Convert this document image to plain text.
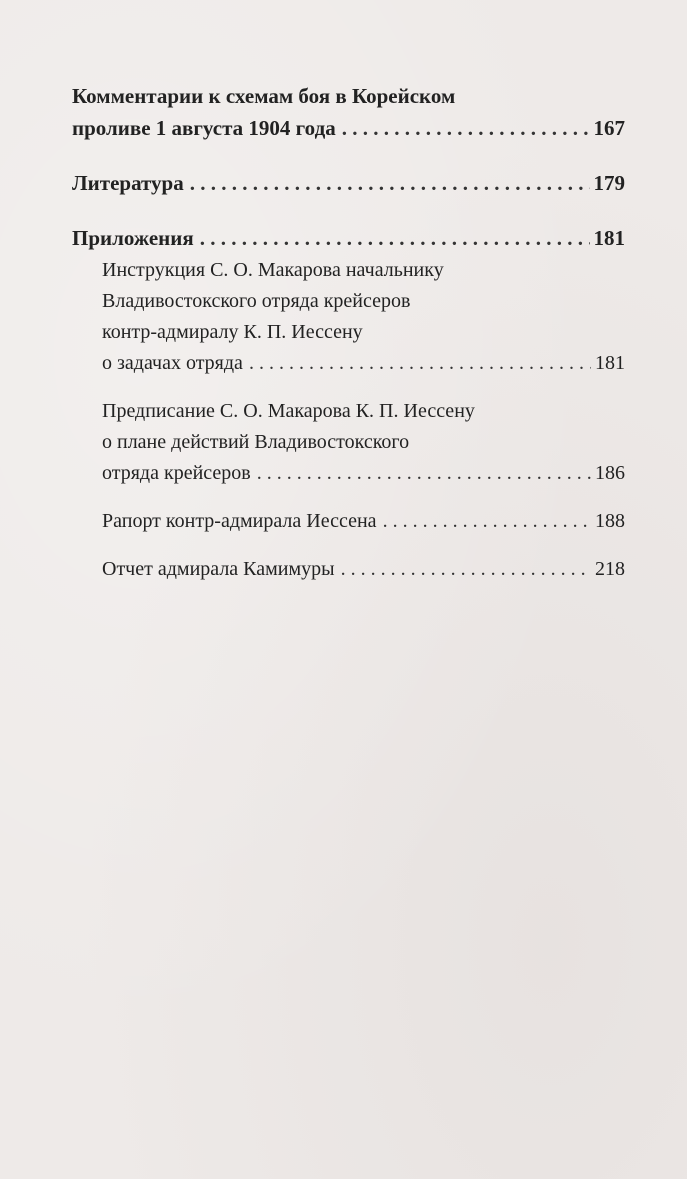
Комментарии к схемам боя в Корейском
проливе 1 августа 1904 года . . .	167
Литература . . .	179
Приложения . . .	181
Инструкция С. О. Макарова начальнику
Владивостокского отряда крейсеров
контр-адмиралу К. П. Иессену
о задачах отряда . . .	181
Предписание С. О. Макарова К. П. Иессену
о плане действий Владивостокского
отряда крейсеров . . .	186
Рапорт контр-адмирала Иессена . . .	188
Отчет адмирала Камимуры . . .	218
